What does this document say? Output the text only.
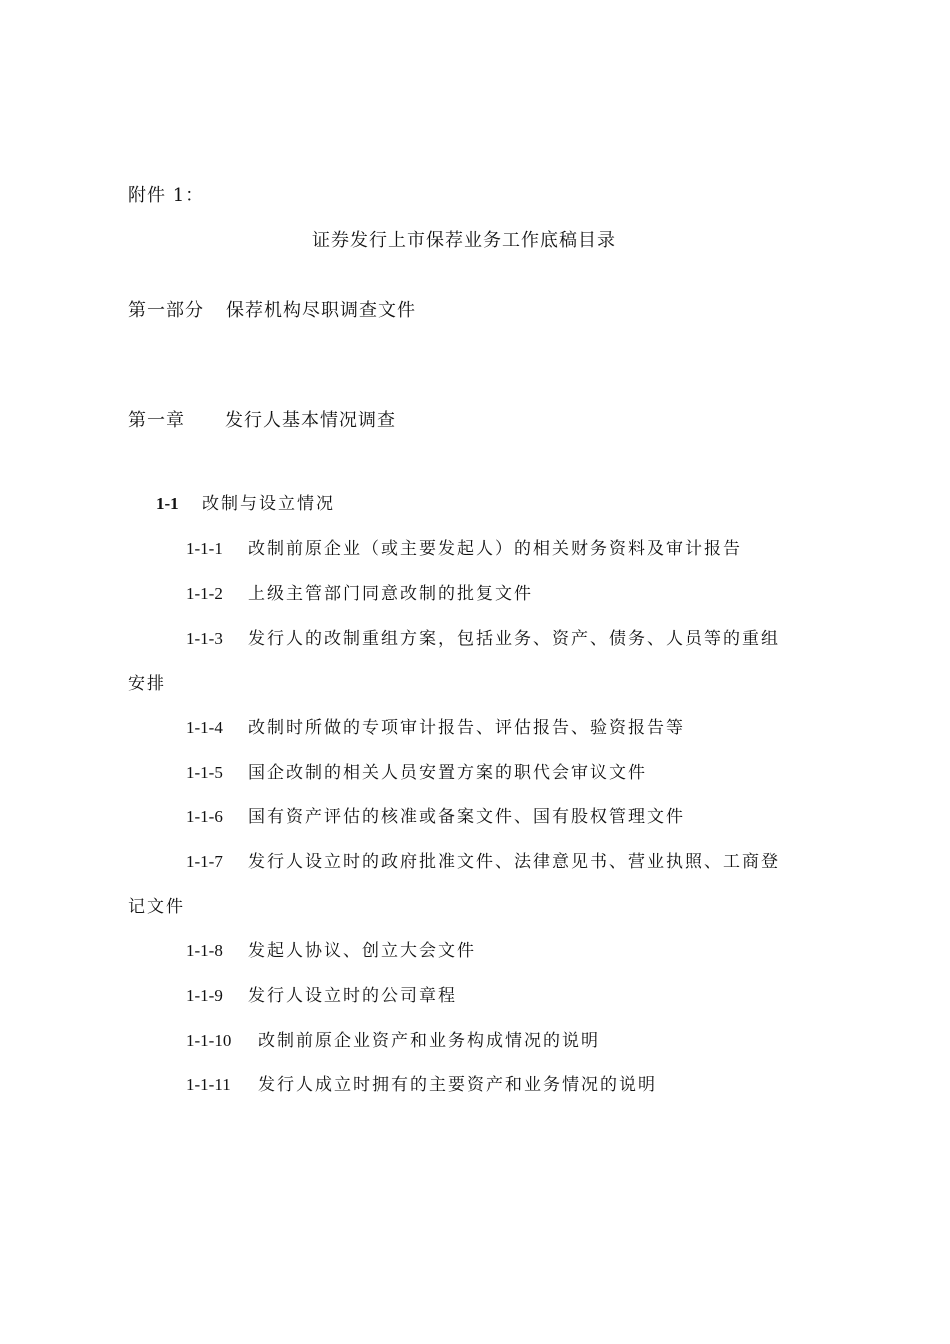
附件 1：
证券发行上市保荐业务工作底稿目录
第一部分 保荐机构尽职调查文件
第一章 发行人基本情况调查
1-1 改制与设立情况
1-1-1 改制前原企业（或主要发起人）的相关财务资料及审计报告
1-1-2 上级主管部门同意改制的批复文件
1-1-3 发行人的改制重组方案，包括业务、资产、债务、人员等的重组
安排
1-1-4 改制时所做的专项审计报告、评估报告、验资报告等
1-1-5 国企改制的相关人员安置方案的职代会审议文件
1-1-6 国有资产评估的核准或备案文件、国有股权管理文件
1-1-7 发行人设立时的政府批准文件、法律意见书、营业执照、工商登
记文件
1-1-8 发起人协议、创立大会文件
1-1-9 发行人设立时的公司章程
1-1-10 改制前原企业资产和业务构成情况的说明
1-1-11 发行人成立时拥有的主要资产和业务情况的说明
